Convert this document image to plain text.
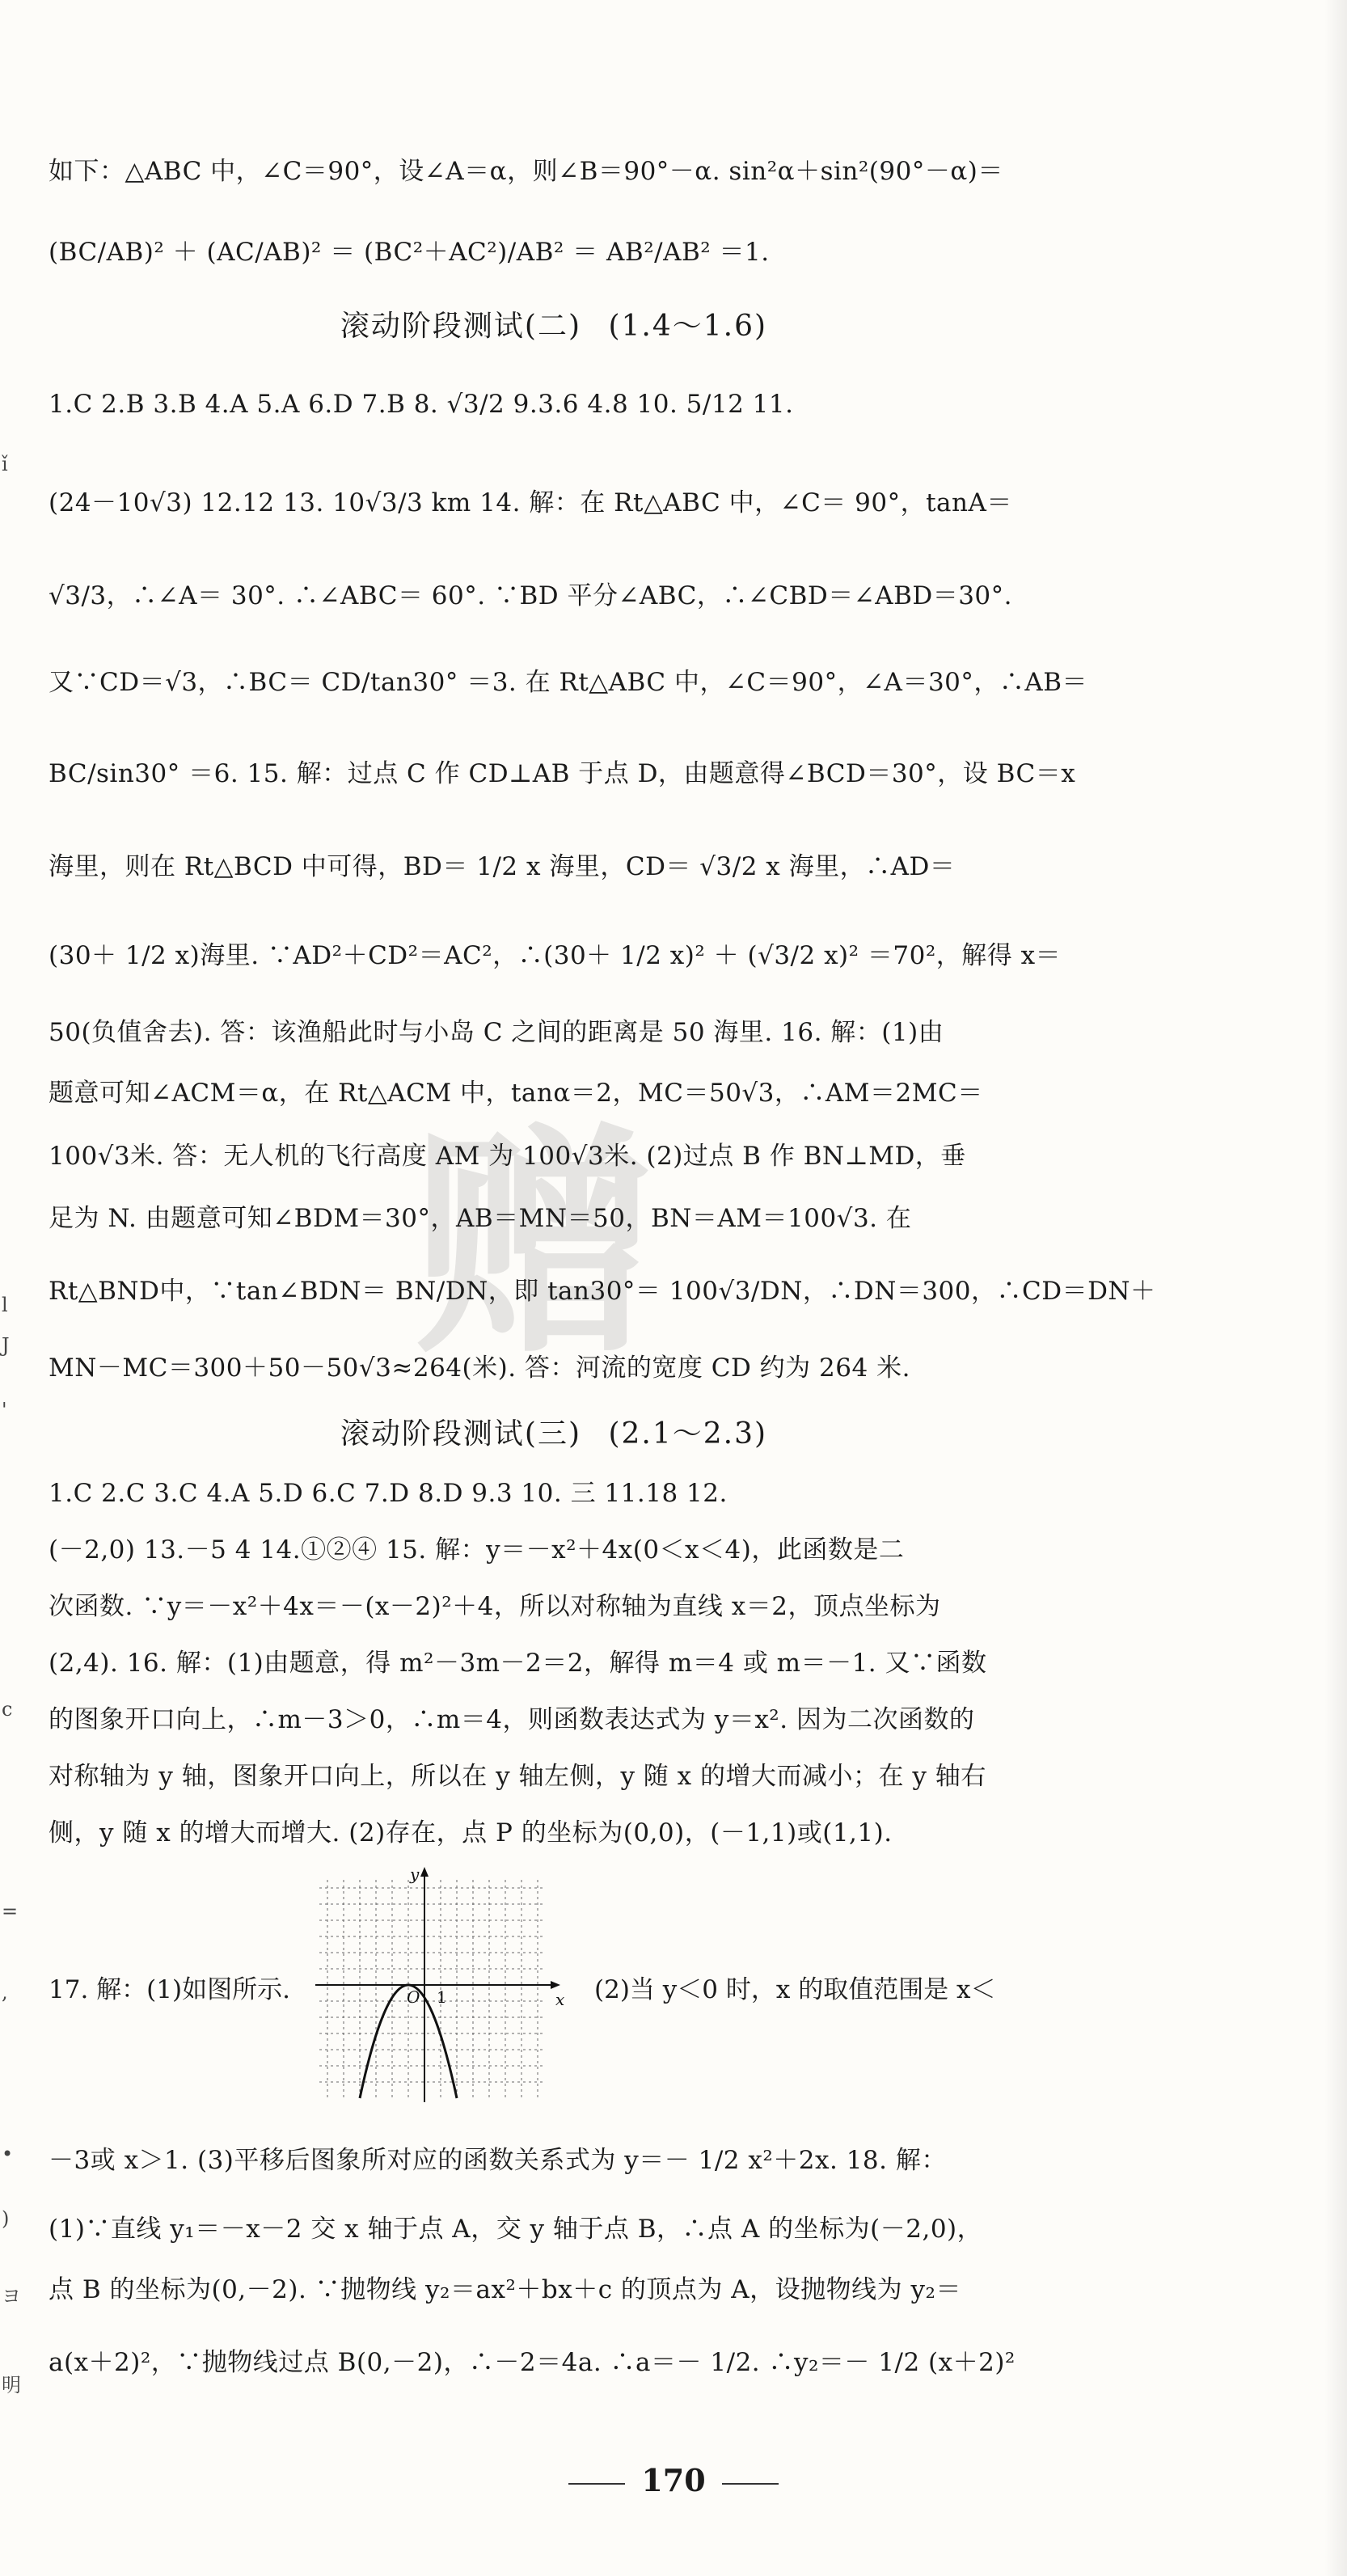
ǐ
l
J
'
c
=
,
•
)
ヨ
明
赠
如下：△ABC 中，∠C＝90°，设∠A＝α，则∠B＝90°－α. sin²α＋sin²(90°－α)＝
(BC/AB)² ＋ (AC/AB)² ＝ (BC²＋AC²)/AB² ＝ AB²/AB² ＝1.
滚动阶段测试(二) (1.4～1.6)
1.C 2.B 3.B 4.A 5.A 6.D 7.B 8. √3/2 9.3.6 4.8 10. 5/12 11.
(24－10√3) 12.12 13. 10√3/3 km 14. 解：在 Rt△ABC 中，∠C＝ 90°，tanA＝
√3/3，∴∠A＝ 30°. ∴∠ABC＝ 60°. ∵BD 平分∠ABC，∴∠CBD＝∠ABD＝30°.
又∵CD＝√3，∴BC＝ CD/tan30° ＝3. 在 Rt△ABC 中，∠C＝90°，∠A＝30°，∴AB＝
BC/sin30° ＝6. 15. 解：过点 C 作 CD⊥AB 于点 D，由题意得∠BCD＝30°，设 BC＝x
海里，则在 Rt△BCD 中可得，BD＝ 1/2 x 海里，CD＝ √3/2 x 海里，∴AD＝
(30＋ 1/2 x)海里. ∵AD²＋CD²＝AC²，∴(30＋ 1/2 x)² ＋ (√3/2 x)² ＝70²，解得 x＝
50(负值舍去). 答：该渔船此时与小岛 C 之间的距离是 50 海里. 16. 解：(1)由
题意可知∠ACM＝α，在 Rt△ACM 中，tanα＝2，MC＝50√3，∴AM＝2MC＝
100√3米. 答：无人机的飞行高度 AM 为 100√3米. (2)过点 B 作 BN⊥MD，垂
足为 N. 由题意可知∠BDM＝30°，AB＝MN＝50，BN＝AM＝100√3. 在
Rt△BND中，∵tan∠BDN＝ BN/DN，即 tan30°＝ 100√3/DN，∴DN＝300，∴CD＝DN＋
MN－MC＝300＋50－50√3≈264(米). 答：河流的宽度 CD 约为 264 米.
滚动阶段测试(三) (2.1～2.3)
1.C 2.C 3.C 4.A 5.D 6.C 7.D 8.D 9.3 10. 三 11.18 12.
(－2,0) 13.－5 4 14.①②④ 15. 解：y＝－x²＋4x(0＜x＜4)，此函数是二
次函数. ∵y＝－x²＋4x＝－(x－2)²＋4，所以对称轴为直线 x＝2，顶点坐标为
(2,4). 16. 解：(1)由题意，得 m²－3m－2＝2，解得 m＝4 或 m＝－1. 又∵函数
的图象开口向上，∴m－3＞0，∴m＝4，则函数表达式为 y＝x². 因为二次函数的
对称轴为 y 轴，图象开口向上，所以在 y 轴左侧，y 随 x 的增大而减小；在 y 轴右
侧，y 随 x 的增大而增大. (2)存在，点 P 的坐标为(0,0)，(－1,1)或(1,1).
17. 解：(1)如图所示.
y
x
O 1	(2)当 y＜0 时，x 的取值范围是 x＜
－3或 x＞1. (3)平移后图象所对应的函数关系式为 y＝－ 1/2 x²＋2x. 18. 解：
(1)∵直线 y₁＝－x－2 交 x 轴于点 A，交 y 轴于点 B，∴点 A 的坐标为(－2,0)，
点 B 的坐标为(0,－2). ∵抛物线 y₂＝ax²＋bx＋c 的顶点为 A，设抛物线为 y₂＝
a(x＋2)²，∵抛物线过点 B(0,－2)，∴－2＝4a. ∴a＝－ 1/2. ∴y₂＝－ 1/2 (x＋2)²
170
